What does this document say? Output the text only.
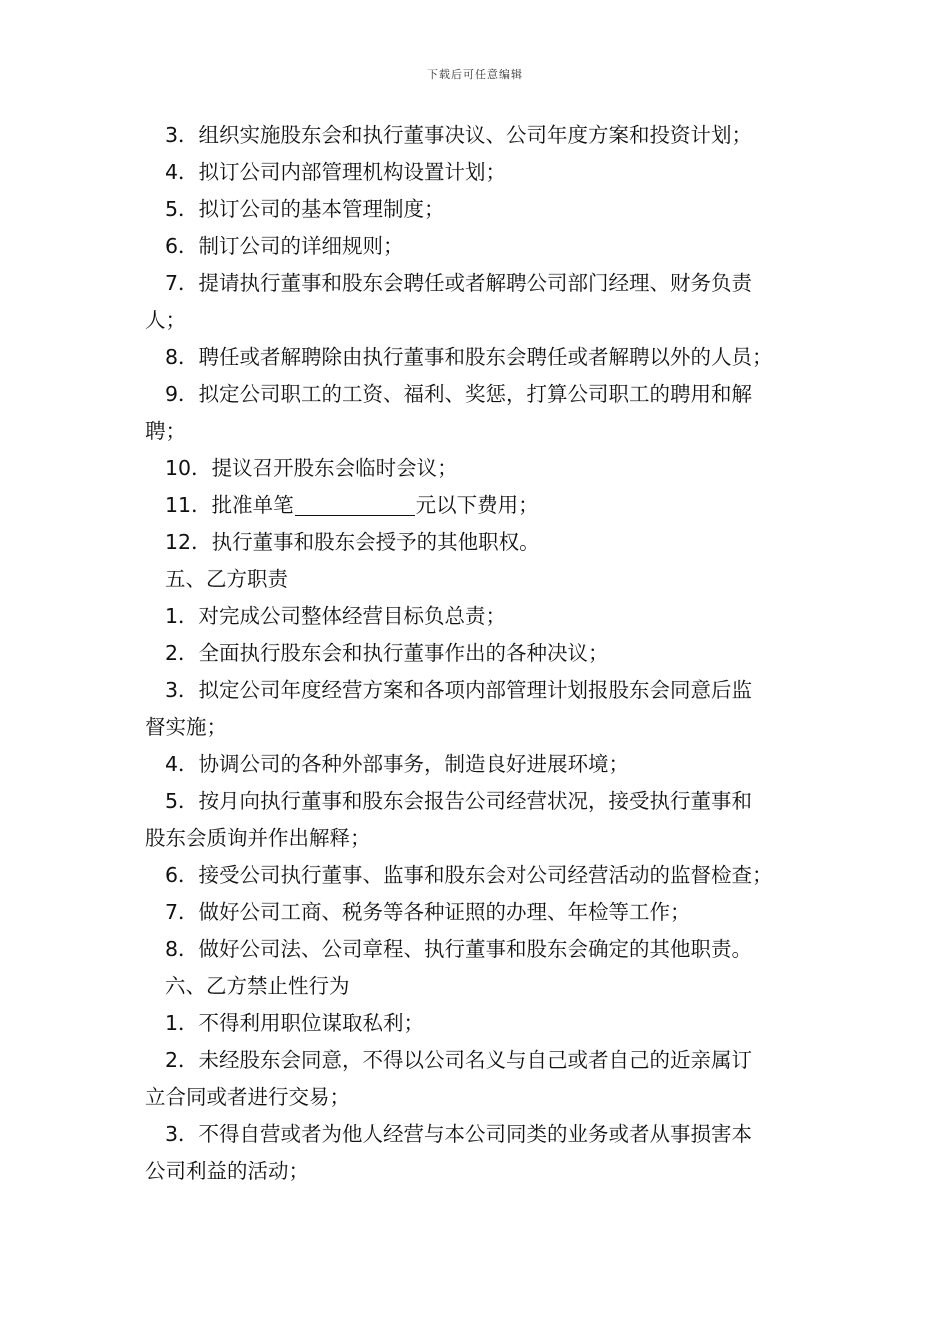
下载后可任意编辑
3．组织实施股东会和执行董事决议、公司年度方案和投资计划；
4．拟订公司内部管理机构设置计划；
5．拟订公司的基本管理制度；
6．制订公司的详细规则；
7．提请执行董事和股东会聘任或者解聘公司部门经理、财务负责
人；
8．聘任或者解聘除由执行董事和股东会聘任或者解聘以外的人员；
9．拟定公司职工的工资、福利、奖惩，打算公司职工的聘用和解
聘；
10．提议召开股东会临时会议；
11．批准单笔	元以下费用；
12．执行董事和股东会授予的其他职权。
五、乙方职责
1．对完成公司整体经营目标负总责；
2．全面执行股东会和执行董事作出的各种决议；
3．拟定公司年度经营方案和各项内部管理计划报股东会同意后监
督实施；
4．协调公司的各种外部事务，制造良好进展环境；
5．按月向执行董事和股东会报告公司经营状况，接受执行董事和
股东会质询并作出解释；
6．接受公司执行董事、监事和股东会对公司经营活动的监督检查；
7．做好公司工商、税务等各种证照的办理、年检等工作；
8．做好公司法、公司章程、执行董事和股东会确定的其他职责。
六、乙方禁止性行为
1．不得利用职位谋取私利；
2．未经股东会同意，不得以公司名义与自己或者自己的近亲属订
立合同或者进行交易；
3．不得自营或者为他人经营与本公司同类的业务或者从事损害本
公司利益的活动；
